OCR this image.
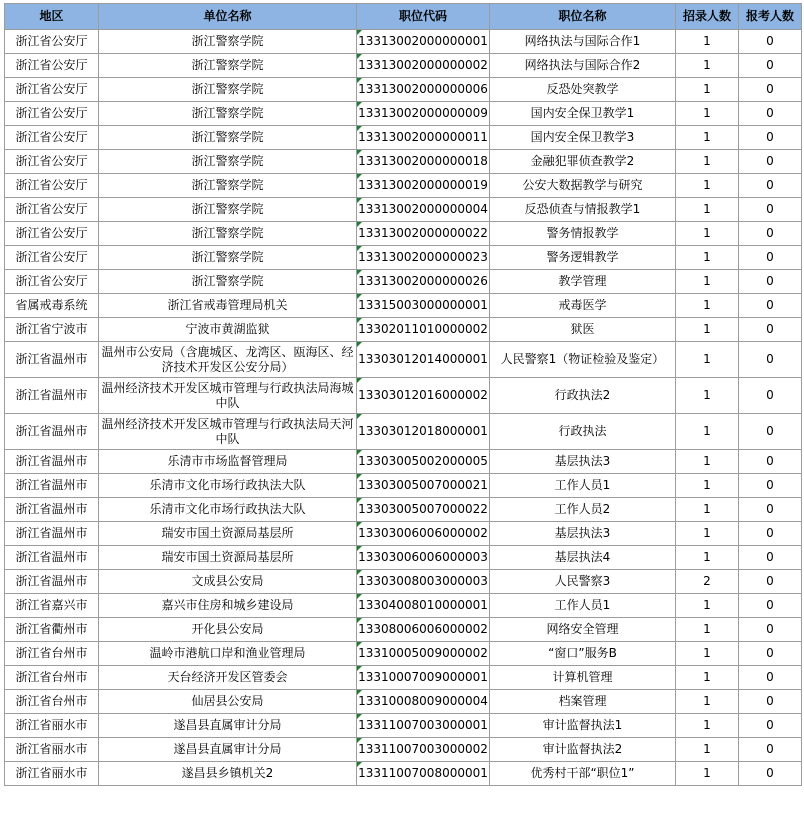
地区	单位名称	职位代码	职位名称	招录人数	报考人数
浙江省公安厅	浙江警察学院	13313002000000001	网络执法与国际合作1	1	0
浙江省公安厅	浙江警察学院	13313002000000002	网络执法与国际合作2	1	0
浙江省公安厅	浙江警察学院	13313002000000006	反恐处突教学	1	0
浙江省公安厅	浙江警察学院	13313002000000009	国内安全保卫教学1	1	0
浙江省公安厅	浙江警察学院	13313002000000011	国内安全保卫教学3	1	0
浙江省公安厅	浙江警察学院	13313002000000018	金融犯罪侦查教学2	1	0
浙江省公安厅	浙江警察学院	13313002000000019	公安大数据教学与研究	1	0
浙江省公安厅	浙江警察学院	13313002000000004	反恐侦查与情报教学1	1	0
浙江省公安厅	浙江警察学院	13313002000000022	警务情报教学	1	0
浙江省公安厅	浙江警察学院	13313002000000023	警务逻辑教学	1	0
浙江省公安厅	浙江警察学院	13313002000000026	教学管理	1	0
省属戒毒系统	浙江省戒毒管理局机关	13315003000000001	戒毒医学	1	0
浙江省宁波市	宁波市黄湖监狱	13302011010000002	狱医	1	0
浙江省温州市	温州市公安局（含鹿城区、龙湾区、瓯海区、经济技术开发区公安分局）	13303012014000001	人民警察1（物证检验及鉴定）	1	0
浙江省温州市	温州经济技术开发区城市管理与行政执法局海城中队	13303012016000002	行政执法2	1	0
浙江省温州市	温州经济技术开发区城市管理与行政执法局天河中队	13303012018000001	行政执法	1	0
浙江省温州市	乐清市市场监督管理局	13303005002000005	基层执法3	1	0
浙江省温州市	乐清市文化市场行政执法大队	13303005007000021	工作人员1	1	0
浙江省温州市	乐清市文化市场行政执法大队	13303005007000022	工作人员2	1	0
浙江省温州市	瑞安市国土资源局基层所	13303006006000002	基层执法3	1	0
浙江省温州市	瑞安市国土资源局基层所	13303006006000003	基层执法4	1	0
浙江省温州市	文成县公安局	13303008003000003	人民警察3	2	0
浙江省嘉兴市	嘉兴市住房和城乡建设局	13304008010000001	工作人员1	1	0
浙江省衢州市	开化县公安局	13308006006000002	网络安全管理	1	0
浙江省台州市	温岭市港航口岸和渔业管理局	13310005009000002	“窗口”服务B	1	0
浙江省台州市	天台经济开发区管委会	13310007009000001	计算机管理	1	0
浙江省台州市	仙居县公安局	13310008009000004	档案管理	1	0
浙江省丽水市	遂昌县直属审计分局	13311007003000001	审计监督执法1	1	0
浙江省丽水市	遂昌县直属审计分局	13311007003000002	审计监督执法2	1	0
浙江省丽水市	遂昌县乡镇机关2	13311007008000001	优秀村干部“职位1”	1	0
